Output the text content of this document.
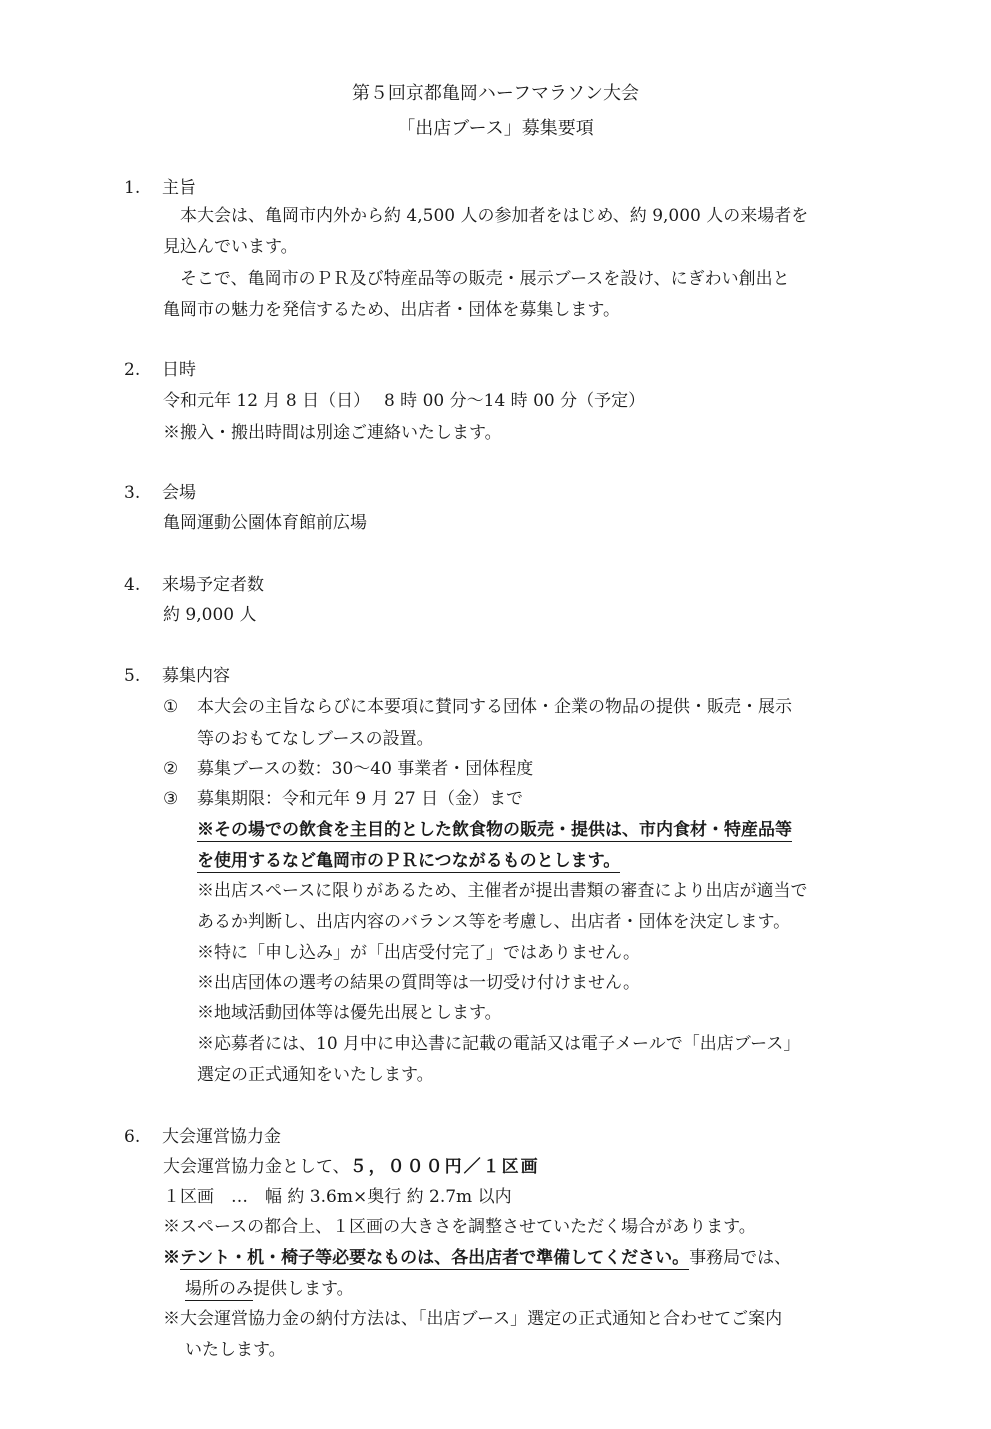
第５回京都亀岡ハーフマラソン大会
「出店ブース」募集要項
1. 主旨
本大会は、亀岡市内外から約 4,500 人の参加者をはじめ、約 9,000 人の来場者を
見込んでいます。
そこで、亀岡市のＰＲ及び特産品等の販売・展示ブースを設け、にぎわい創出と
亀岡市の魅力を発信するため、出店者・団体を募集します。
2. 日時
令和元年 12 月 8 日（日）　 8 時 00 分～14 時 00 分（予定）
※搬入・搬出時間は別途ご連絡いたします。
3. 会場
亀岡運動公園体育館前広場
4. 来場予定者数
約 9,000 人
5. 募集内容
① 本大会の主旨ならびに本要項に賛同する団体・企業の物品の提供・販売・展示
等のおもてなしブースの設置。
② 募集ブースの数：30～40 事業者・団体程度
③ 募集期限：令和元年 9 月 27 日（金）まで
※その場での飲食を主目的とした飲食物の販売・提供は、市内食材・特産品等
を使用するなど亀岡市のＰＲにつながるものとします。
※出店スペースに限りがあるため、主催者が提出書類の審査により出店が適当で
あるか判断し、出店内容のバランス等を考慮し、出店者・団体を決定します。
※特に「申し込み」が「出店受付完了」ではありません。
※出店団体の選考の結果の質問等は一切受け付けません。
※地域活動団体等は優先出展とします。
※応募者には、10 月中に申込書に記載の電話又は電子メールで「出店ブース」
選定の正式通知をいたします。
6. 大会運営協力金
大会運営協力金として、５，０００円／１区画
１区画　…　幅 約 3.6m×奥行 約 2.7m 以内
※スペースの都合上、１区画の大きさを調整させていただく場合があります。
※テント・机・椅子等必要なものは、各出店者で準備してください。事務局では、
場所のみ提供します。
※大会運営協力金の納付方法は、「出店ブース」選定の正式通知と合わせてご案内
いたします。
